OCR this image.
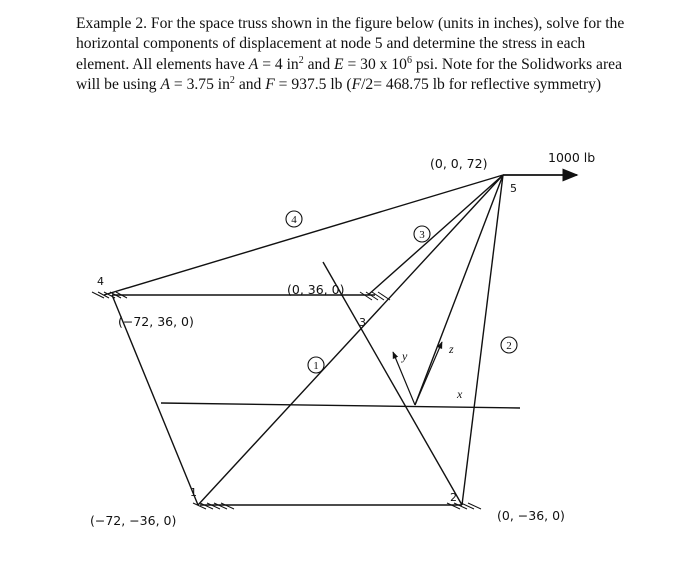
Example 2. For the space truss shown in the figure below (units in inches), solve for the horizontal components of displacement at node 5 and determine the stress in each element. All elements have A = 4 $in^2$ and E = 30 x $10^6$ psi. Note for the Solidworks area will be using A = 3.75 $in^2$ and F = 937.5 lb (F/2= 468.75 lb for reflective symmetry)

4
3
1
2
4
3
1	2
5
(0, 0, 72)	1000 lb
(0, 36, 0)
(−72, 36, 0)
(−72, −36, 0)	(0, −36, 0)
y	z
x
